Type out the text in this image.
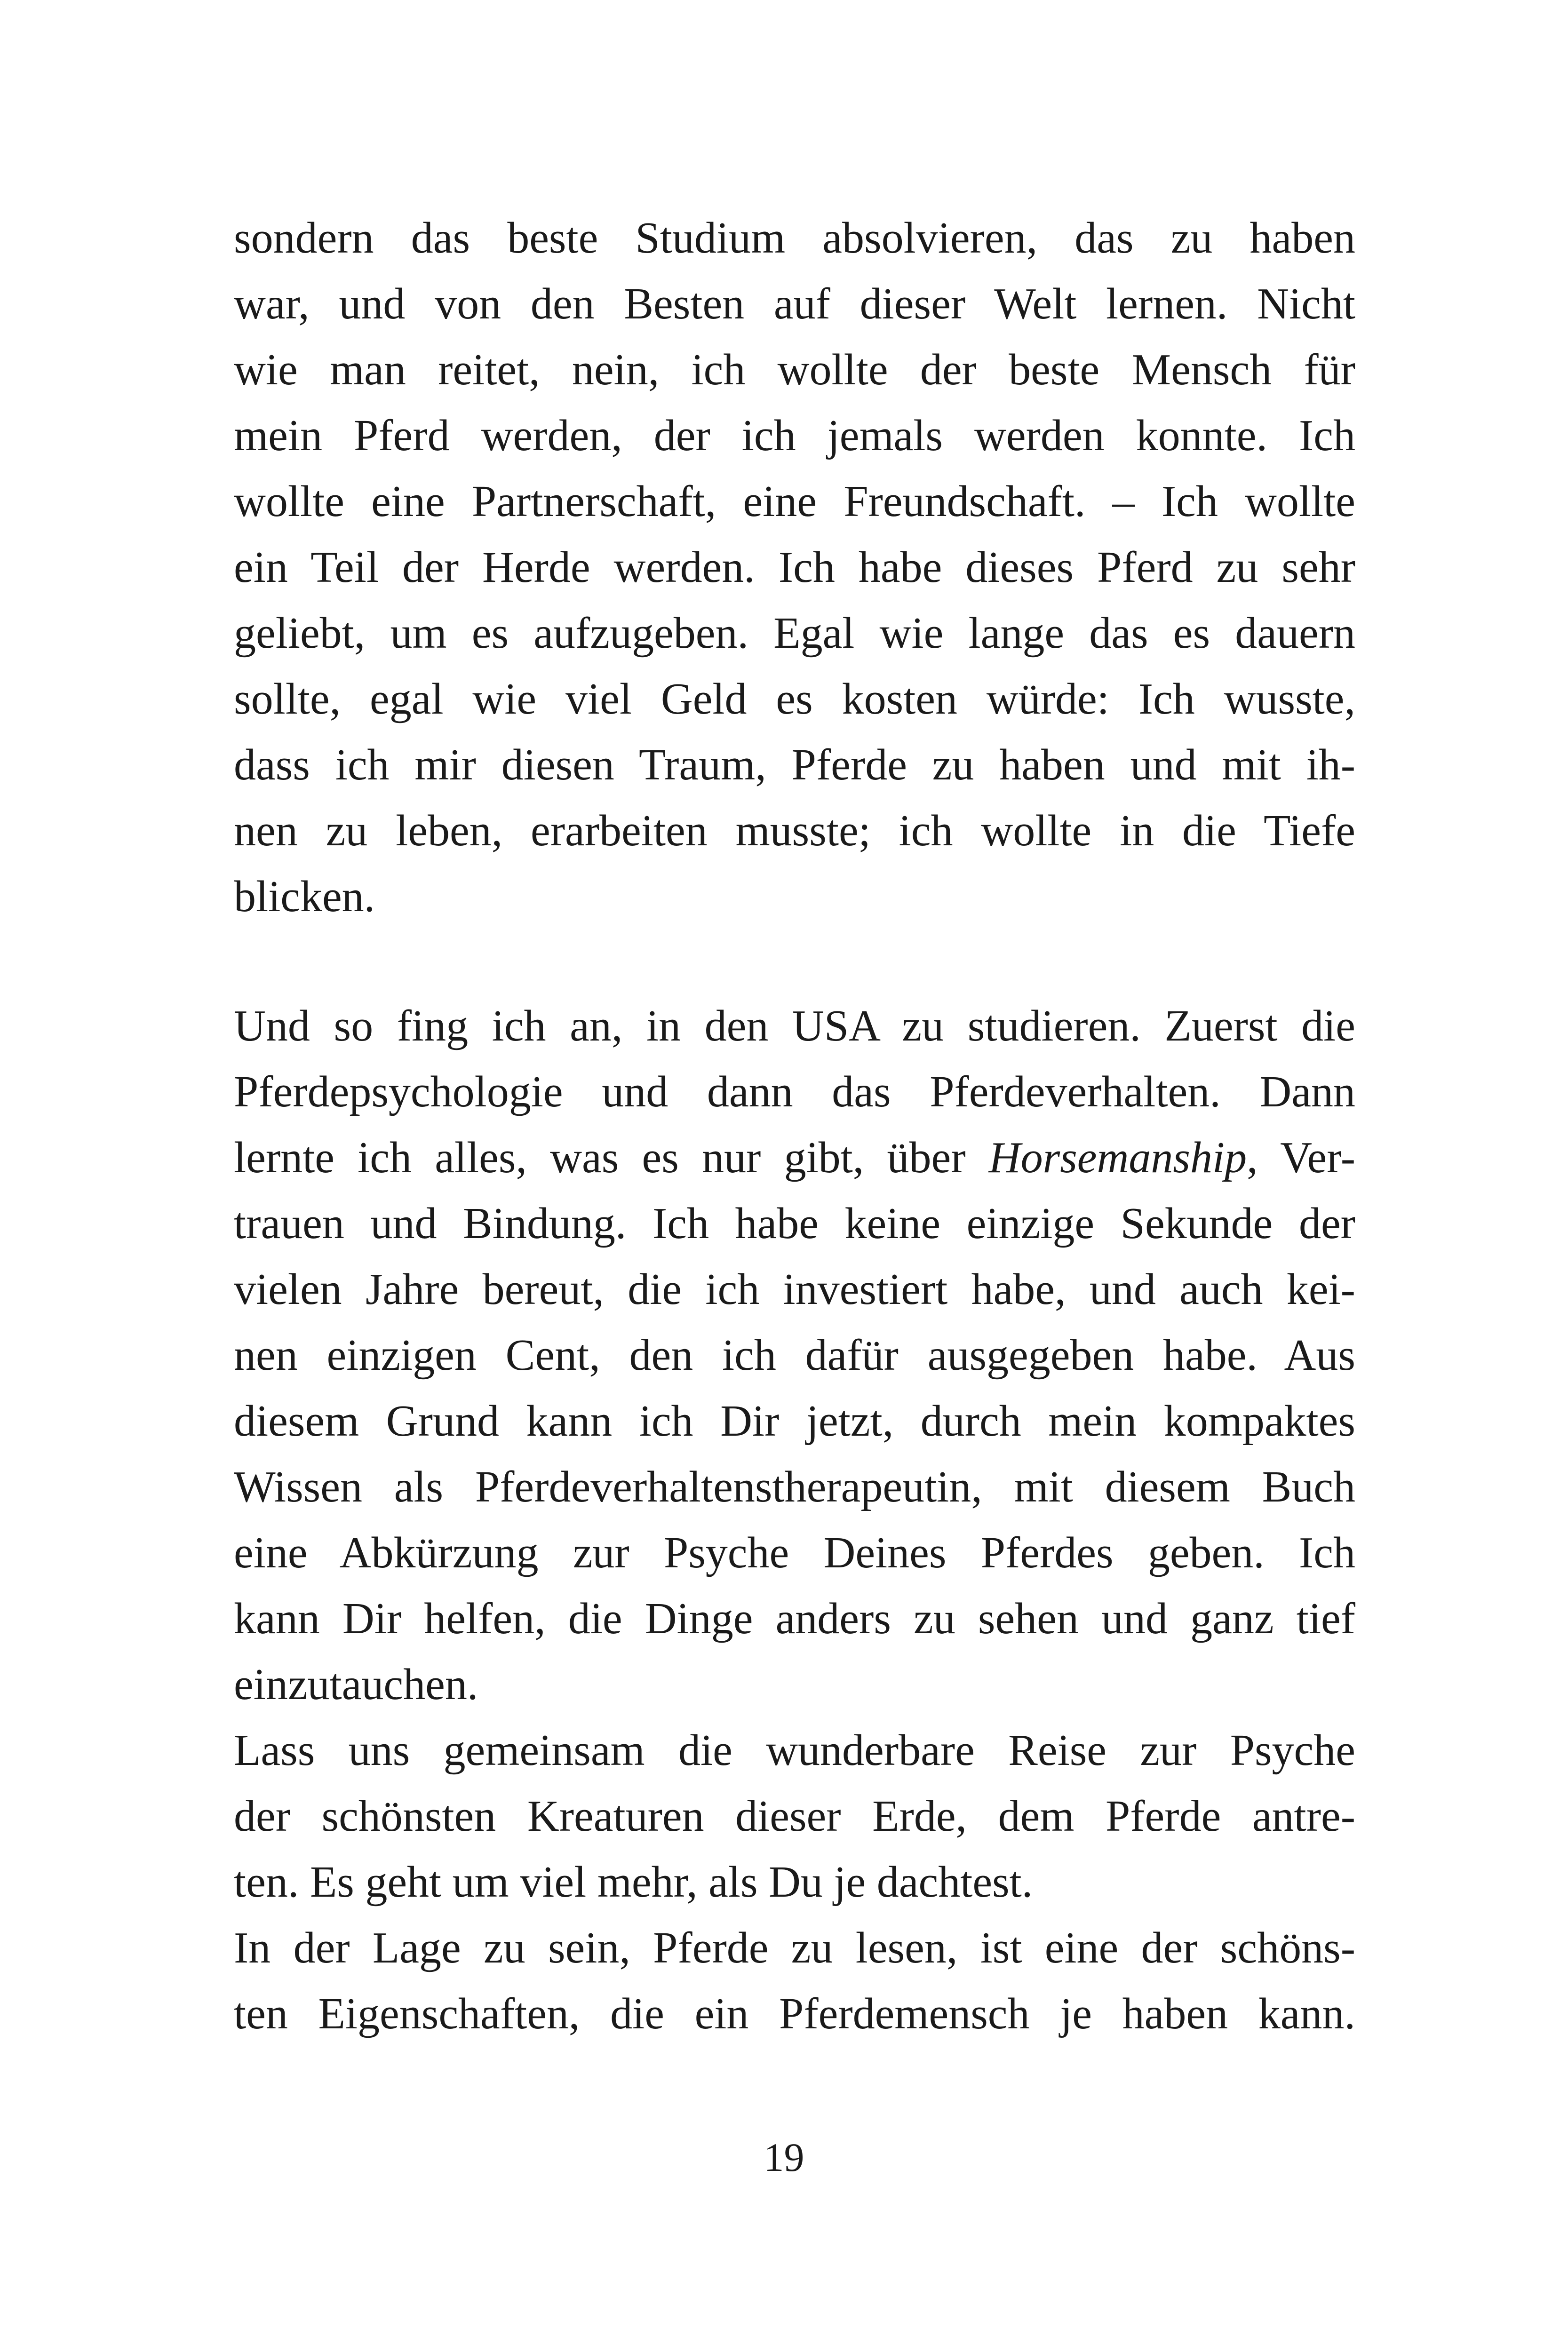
sondern das beste Studium absolvieren, das zu haben
war, und von den Besten auf dieser Welt lernen. Nicht
wie man reitet, nein, ich wollte der beste Mensch für
mein Pferd werden, der ich jemals werden konnte. Ich
wollte eine Partnerschaft, eine Freundschaft. – Ich wollte
ein Teil der Herde werden. Ich habe dieses Pferd zu sehr
geliebt, um es aufzugeben. Egal wie lange das es dauern
sollte, egal wie viel Geld es kosten würde: Ich wusste,
dass ich mir diesen Traum, Pferde zu haben und mit ih-
nen zu leben, erarbeiten musste; ich wollte in die Tiefe
blicken.
Und so fing ich an, in den USA zu studieren. Zuerst die
Pferdepsychologie und dann das Pferdeverhalten. Dann
lernte ich alles, was es nur gibt, über Horsemanship, Ver-
trauen und Bindung. Ich habe keine einzige Sekunde der
vielen Jahre bereut, die ich investiert habe, und auch kei-
nen einzigen Cent, den ich dafür ausgegeben habe. Aus
diesem Grund kann ich Dir jetzt, durch mein kompaktes
Wissen als Pferdeverhaltenstherapeutin, mit diesem Buch
eine Abkürzung zur Psyche Deines Pferdes geben. Ich
kann Dir helfen, die Dinge anders zu sehen und ganz tief
einzutauchen.
Lass uns gemeinsam die wunderbare Reise zur Psyche
der schönsten Kreaturen dieser Erde, dem Pferde antre-
ten. Es geht um viel mehr, als Du je dachtest.
In der Lage zu sein, Pferde zu lesen, ist eine der schöns-
ten Eigenschaften, die ein Pferdemensch je haben kann.
19
